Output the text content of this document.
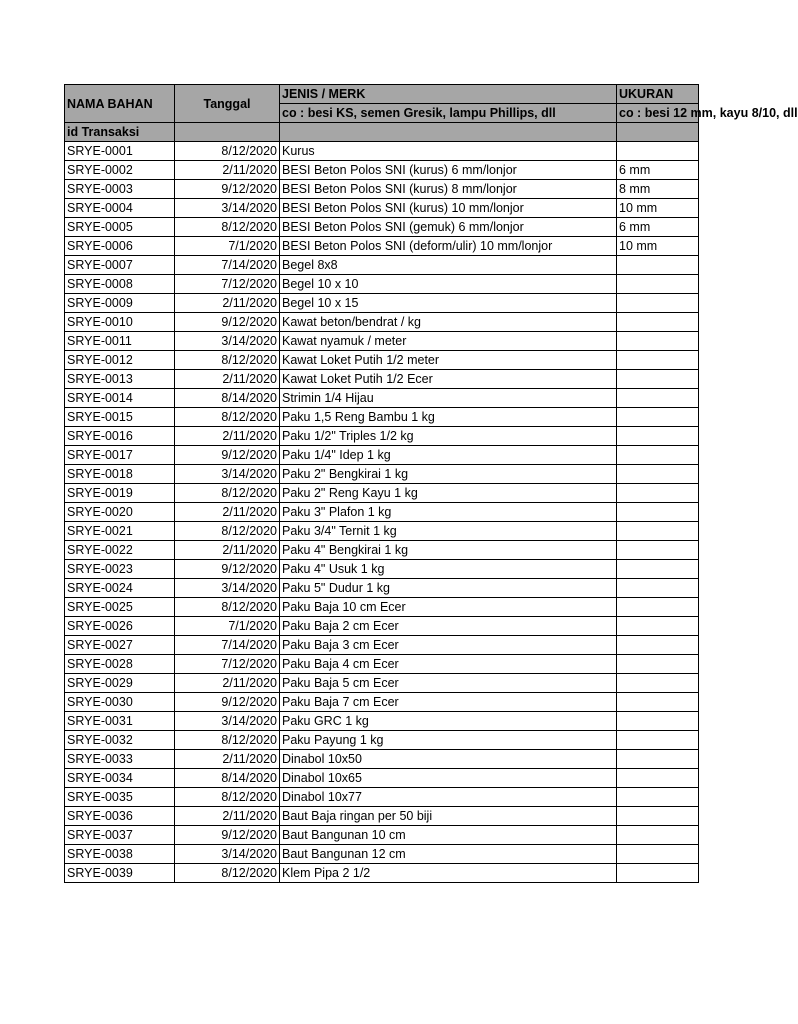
NAMA BAHAN	Tanggal	JENIS / MERK	UKURAN
		co : besi KS, semen Gresik, lampu Phillips, dll	co : besi 12 mm, kayu 8/10, dll
id Transaksi			
SRYE-0001	8/12/2020	Kurus	
SRYE-0002	2/11/2020	BESI Beton Polos SNI (kurus) 6 mm/lonjor	6 mm
SRYE-0003	9/12/2020	BESI Beton Polos SNI (kurus) 8 mm/lonjor	8 mm
SRYE-0004	3/14/2020	BESI Beton Polos SNI (kurus) 10 mm/lonjor	10 mm
SRYE-0005	8/12/2020	BESI Beton Polos SNI (gemuk) 6 mm/lonjor	6 mm
SRYE-0006	7/1/2020	BESI Beton Polos SNI (deform/ulir) 10 mm/lonjor	10 mm
SRYE-0007	7/14/2020	Begel 8x8	
SRYE-0008	7/12/2020	Begel 10 x 10	
SRYE-0009	2/11/2020	Begel 10 x 15	
SRYE-0010	9/12/2020	Kawat beton/bendrat / kg	
SRYE-0011	3/14/2020	Kawat nyamuk / meter	
SRYE-0012	8/12/2020	Kawat Loket Putih 1/2 meter	
SRYE-0013	2/11/2020	Kawat Loket Putih 1/2 Ecer	
SRYE-0014	8/14/2020	Strimin 1/4 Hijau	
SRYE-0015	8/12/2020	Paku 1,5 Reng Bambu 1 kg	
SRYE-0016	2/11/2020	Paku 1/2" Triples 1/2 kg	
SRYE-0017	9/12/2020	Paku 1/4" Idep 1 kg	
SRYE-0018	3/14/2020	Paku 2" Bengkirai 1 kg	
SRYE-0019	8/12/2020	Paku 2" Reng Kayu 1 kg	
SRYE-0020	2/11/2020	Paku 3" Plafon 1 kg	
SRYE-0021	8/12/2020	Paku 3/4" Ternit 1 kg	
SRYE-0022	2/11/2020	Paku 4" Bengkirai 1 kg	
SRYE-0023	9/12/2020	Paku 4" Usuk 1 kg	
SRYE-0024	3/14/2020	Paku 5" Dudur 1 kg	
SRYE-0025	8/12/2020	Paku Baja 10 cm Ecer	
SRYE-0026	7/1/2020	Paku Baja 2 cm Ecer	
SRYE-0027	7/14/2020	Paku Baja 3 cm Ecer	
SRYE-0028	7/12/2020	Paku Baja 4 cm Ecer	
SRYE-0029	2/11/2020	Paku Baja 5 cm Ecer	
SRYE-0030	9/12/2020	Paku Baja 7 cm Ecer	
SRYE-0031	3/14/2020	Paku GRC 1 kg	
SRYE-0032	8/12/2020	Paku Payung 1 kg	
SRYE-0033	2/11/2020	Dinabol 10x50	
SRYE-0034	8/14/2020	Dinabol 10x65	
SRYE-0035	8/12/2020	Dinabol 10x77	
SRYE-0036	2/11/2020	Baut Baja ringan per 50 biji	
SRYE-0037	9/12/2020	Baut Bangunan 10 cm	
SRYE-0038	3/14/2020	Baut Bangunan 12 cm	
SRYE-0039	8/12/2020	Klem Pipa 2 1/2	
